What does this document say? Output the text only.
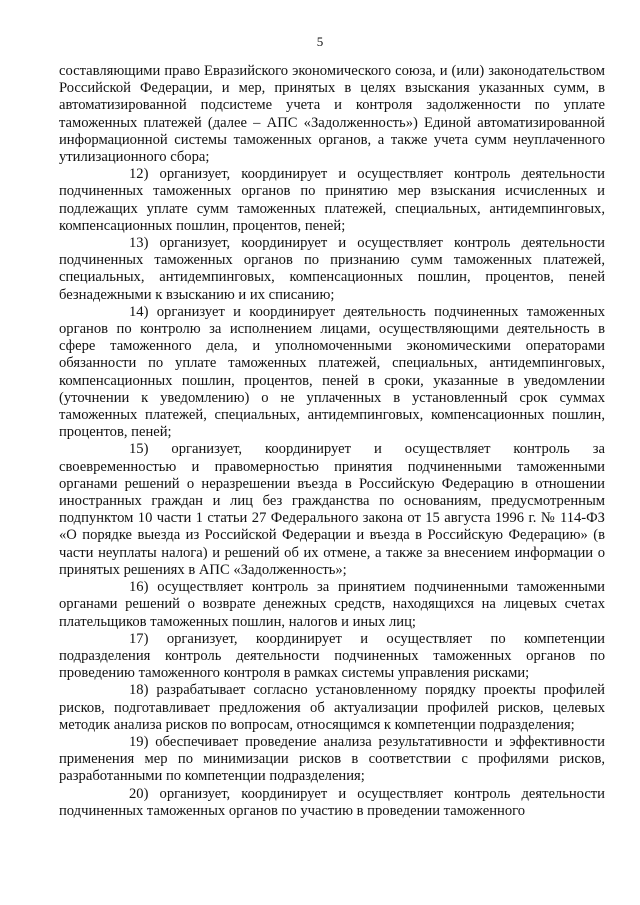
5

составляющими право Евразийского экономического союза, и (или) законодательством Российской Федерации, и мер, принятых в целях взыскания указанных сумм, в автоматизированной подсистеме учета и контроля задолженности по уплате таможенных платежей (далее – АПС «Задолженность») Единой автоматизированной информационной системы таможенных органов, а также учета сумм неуплаченного утилизационного сбора;

12) организует, координирует и осуществляет контроль деятельности подчиненных таможенных органов по принятию мер взыскания исчисленных и подлежащих уплате сумм таможенных платежей, специальных, антидемпинговых, компенсационных пошлин, процентов, пеней;

13) организует, координирует и осуществляет контроль деятельности подчиненных таможенных органов по признанию сумм таможенных платежей, специальных, антидемпинговых, компенсационных пошлин, процентов, пеней безнадежными к взысканию и их списанию;

14) организует и координирует деятельность подчиненных таможенных органов по контролю за исполнением лицами, осуществляющими деятельность в сфере таможенного дела, и уполномоченными экономическими операторами обязанности по уплате таможенных платежей, специальных, антидемпинговых, компенсационных пошлин, процентов, пеней в сроки, указанные в уведомлении (уточнении к уведомлению) о не уплаченных в установленный срок суммах таможенных платежей, специальных, антидемпинговых, компенсационных пошлин, процентов, пеней;

15) организует, координирует и осуществляет контроль за своевременностью и правомерностью принятия подчиненными таможенными органами решений о неразрешении въезда в Российскую Федерацию в отношении иностранных граждан и лиц без гражданства по основаниям, предусмотренным подпунктом 10 части 1 статьи 27 Федерального закона от 15 августа 1996 г. № 114-ФЗ «О порядке выезда из Российской Федерации и въезда в Российскую Федерацию» (в части неуплаты налога) и решений об их отмене, а также за внесением информации о принятых решениях в АПС «Задолженность»;

16) осуществляет контроль за принятием подчиненными таможенными органами решений о возврате денежных средств, находящихся на лицевых счетах плательщиков таможенных пошлин, налогов и иных лиц;

17) организует, координирует и осуществляет по компетенции подразделения контроль деятельности подчиненных таможенных органов по проведению таможенного контроля в рамках системы управления рисками;

18) разрабатывает согласно установленному порядку проекты профилей рисков, подготавливает предложения об актуализации профилей рисков, целевых методик анализа рисков по вопросам, относящимся к компетенции подразделения;

19) обеспечивает проведение анализа результативности и эффективности применения мер по минимизации рисков в соответствии с профилями рисков, разработанными по компетенции подразделения;

20) организует, координирует и осуществляет контроль деятельности подчиненных таможенных органов по участию в проведении таможенного
